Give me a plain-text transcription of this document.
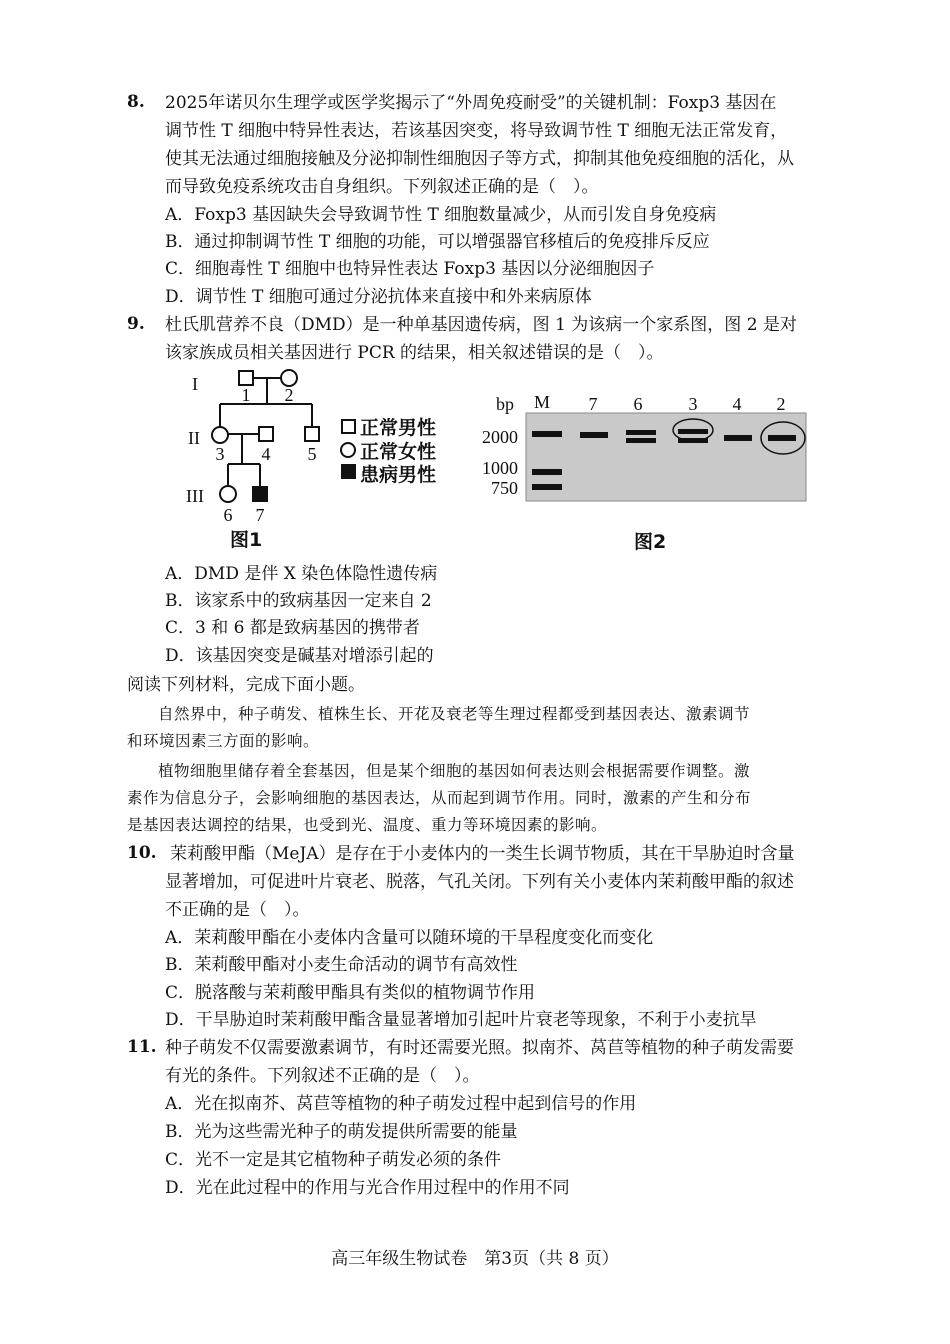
8. 2025年诺贝尔生理学或医学奖揭示了“外周免疫耐受”的关键机制：Foxp3 基因在
调节性 T 细胞中特异性表达，若该基因突变，将导致调节性 T 细胞无法正常发育，
使其无法通过细胞接触及分泌抑制性细胞因子等方式，抑制其他免疫细胞的活化，从
而导致免疫系统攻击自身组织。下列叙述正确的是（　）。
A．Foxp3 基因缺失会导致调节性 T 细胞数量减少，从而引发自身免疫病
B．通过抑制调节性 T 细胞的功能，可以增强器官移植后的免疫排斥反应
C．细胞毒性 T 细胞中也特异性表达 Foxp3 基因以分泌细胞因子
D．调节性 T 细胞可通过分泌抗体来直接中和外来病原体
9. 杜氏肌营养不良（DMD）是一种单基因遗传病，图 1 为该病一个家系图，图 2 是对
该家族成员相关基因进行 PCR 的结果，相关叙述错误的是（　）。
I
II
III
1 2
3 4 5
6 7
正常男性
正常女性
患病男性
图1
bp M 7 6	3 4 2
2000
1000
750
图2
A．DMD 是伴 X 染色体隐性遗传病
B．该家系中的致病基因一定来自 2
C．3 和 6 都是致病基因的携带者
D．该基因突变是碱基对增添引起的
阅读下列材料，完成下面小题。
自然界中，种子萌发、植株生长、开花及衰老等生理过程都受到基因表达、激素调节
和环境因素三方面的影响。
植物细胞里储存着全套基因，但是某个细胞的基因如何表达则会根据需要作调整。激
素作为信息分子，会影响细胞的基因表达，从而起到调节作用。同时，激素的产生和分布
是基因表达调控的结果，也受到光、温度、重力等环境因素的影响。
10. 茉莉酸甲酯（MeJA）是存在于小麦体内的一类生长调节物质，其在干旱胁迫时含量
显著增加，可促进叶片衰老、脱落，气孔关闭。下列有关小麦体内茉莉酸甲酯的叙述
不正确的是（　）。
A．茉莉酸甲酯在小麦体内含量可以随环境的干旱程度变化而变化
B．茉莉酸甲酯对小麦生命活动的调节有高效性
C．脱落酸与茉莉酸甲酯具有类似的植物调节作用
D．干旱胁迫时茉莉酸甲酯含量显著增加引起叶片衰老等现象，不利于小麦抗旱
11. 种子萌发不仅需要激素调节，有时还需要光照。拟南芥、莴苣等植物的种子萌发需要
有光的条件。下列叙述不正确的是（　）。
A．光在拟南芥、莴苣等植物的种子萌发过程中起到信号的作用
B．光为这些需光种子的萌发提供所需要的能量
C．光不一定是其它植物种子萌发必须的条件
D．光在此过程中的作用与光合作用过程中的作用不同
高三年级生物试卷　第3页（共 8 页）
